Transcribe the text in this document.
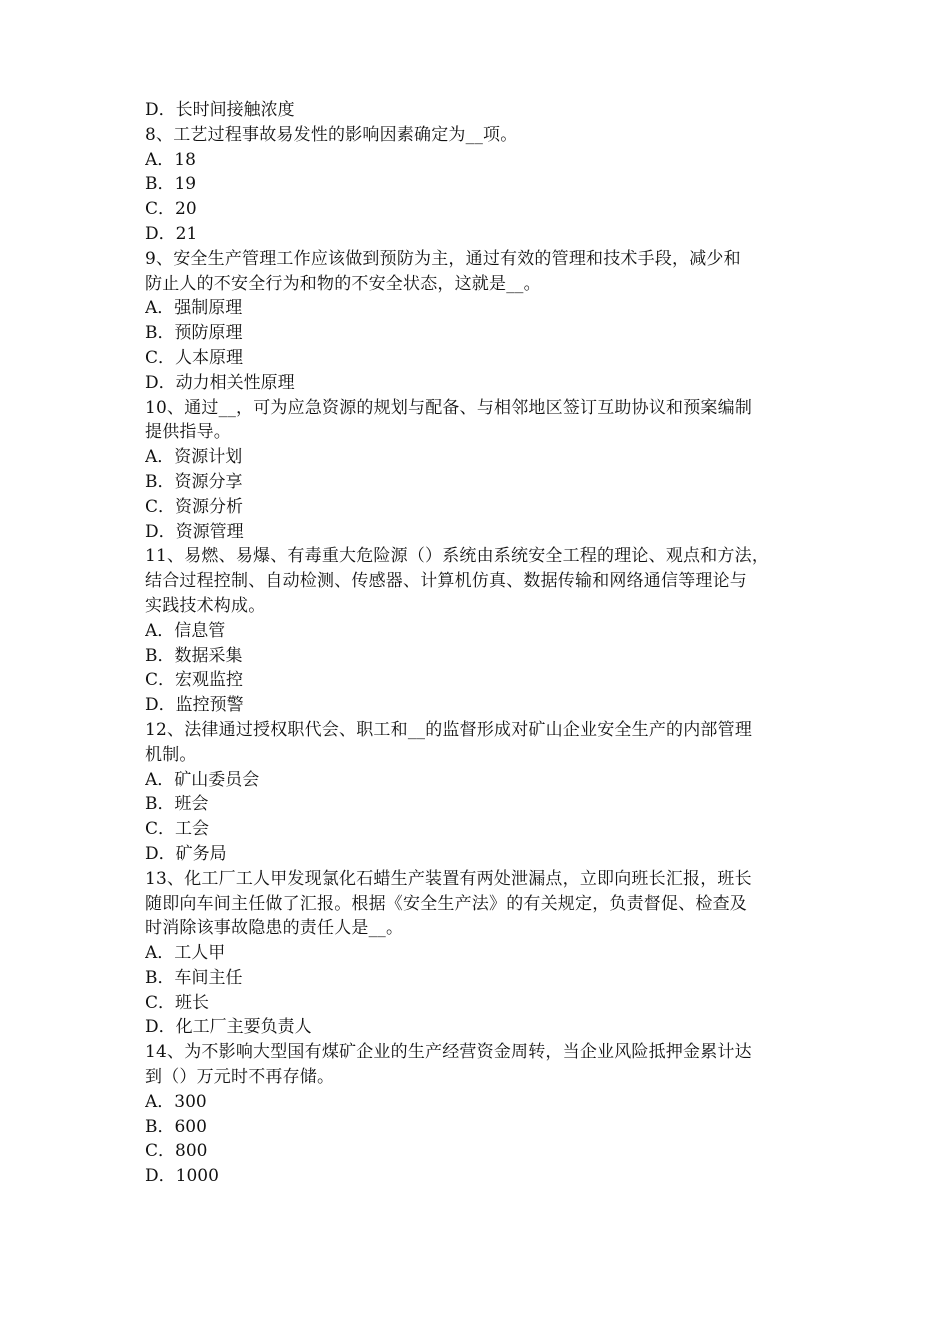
D．长时间接触浓度
8、工艺过程事故易发性的影响因素确定为__项。
A．18
B．19
C．20
D．21
9、安全生产管理工作应该做到预防为主，通过有效的管理和技术手段，减少和
防止人的不安全行为和物的不安全状态，这就是__。
A．强制原理
B．预防原理
C．人本原理
D．动力相关性原理
10、通过__，可为应急资源的规划与配备、与相邻地区签订互助协议和预案编制
提供指导。
A．资源计划
B．资源分享
C．资源分析
D．资源管理
11、易燃、易爆、有毒重大危险源（）系统由系统安全工程的理论、观点和方法，
结合过程控制、自动检测、传感器、计算机仿真、数据传输和网络通信等理论与
实践技术构成。
A．信息管
B．数据采集
C．宏观监控
D．监控预警
12、法律通过授权职代会、职工和__的监督形成对矿山企业安全生产的内部管理
机制。
A．矿山委员会
B．班会
C．工会
D．矿务局
13、化工厂工人甲发现氯化石蜡生产装置有两处泄漏点，立即向班长汇报，班长
随即向车间主任做了汇报。根据《安全生产法》的有关规定，负责督促、检查及
时消除该事故隐患的责任人是__。
A．工人甲
B．车间主任
C．班长
D．化工厂主要负责人
14、为不影响大型国有煤矿企业的生产经营资金周转，当企业风险抵押金累计达
到（）万元时不再存储。
A．300
B．600
C．800
D．1000
